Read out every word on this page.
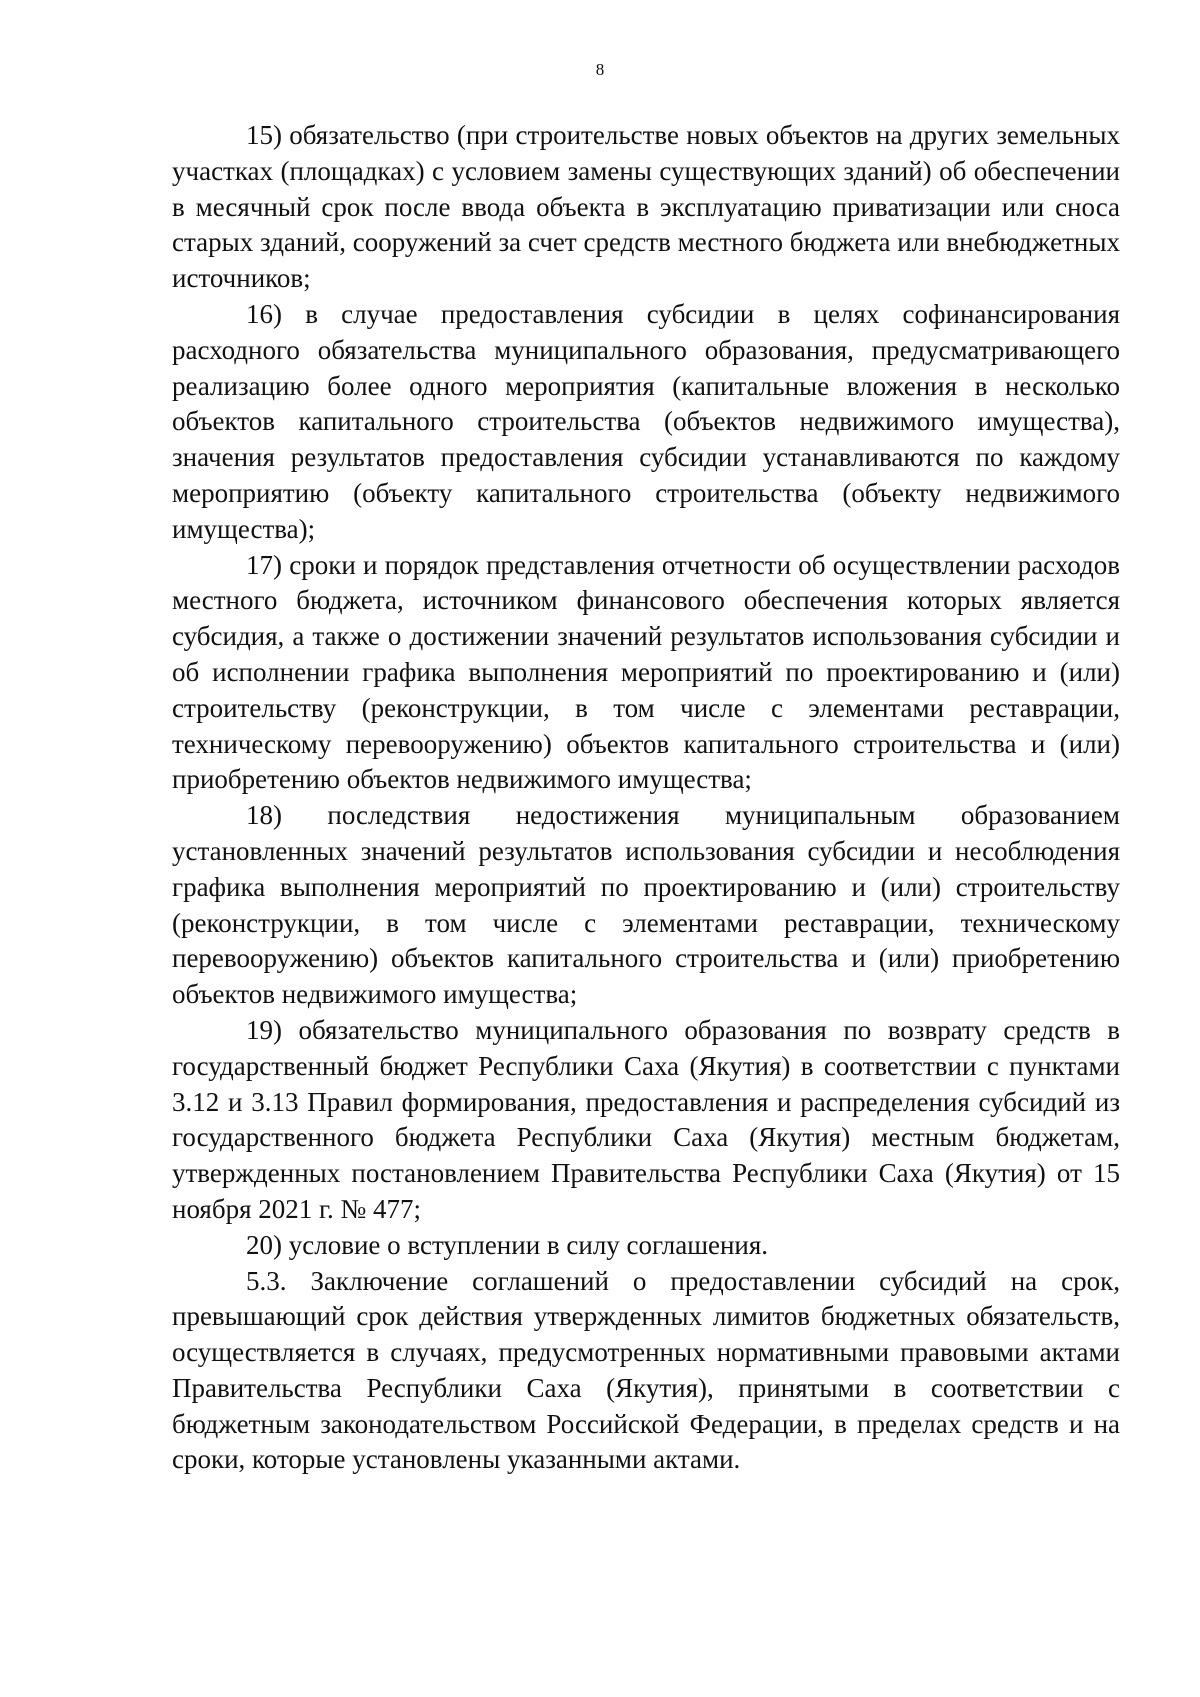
8

15) обязательство (при строительстве новых объектов на других земельных участках (площадках) с условием замены существующих зданий) об обеспечении в месячный срок после ввода объекта в эксплуатацию приватизации или сноса старых зданий, сооружений за счет средств местного бюджета или внебюджетных источников;

16) в случае предоставления субсидии в целях софинансирования расходного обязательства муниципального образования, предусматривающего реализацию более одного мероприятия (капитальные вложения в несколько объектов капитального строительства (объектов недвижимого имущества), значения результатов предоставления субсидии устанавливаются по каждому мероприятию (объекту капитального строительства (объекту недвижимого имущества);

17) сроки и порядок представления отчетности об осуществлении расходов местного бюджета, источником финансового обеспечения которых является субсидия, а также о достижении значений результатов использования субсидии и об исполнении графика выполнения мероприятий по проектированию и (или) строительству (реконструкции, в том числе с элементами реставрации, техническому перевооружению) объектов капитального строительства и (или) приобретению объектов недвижимого имущества;

18) последствия недостижения муниципальным образованием установленных значений результатов использования субсидии и несоблюдения графика выполнения мероприятий по проектированию и (или) строительству (реконструкции, в том числе с элементами реставрации, техническому перевооружению) объектов капитального строительства и (или) приобретению объектов недвижимого имущества;

19) обязательство муниципального образования по возврату средств в государственный бюджет Республики Саха (Якутия) в соответствии с пунктами 3.12 и 3.13 Правил формирования, предоставления и распределения субсидий из государственного бюджета Республики Саха (Якутия) местным бюджетам, утвержденных постановлением Правительства Республики Саха (Якутия) от 15 ноября 2021 г. № 477;

20) условие о вступлении в силу соглашения.

5.3. Заключение соглашений о предоставлении субсидий на срок, превышающий срок действия утвержденных лимитов бюджетных обязательств, осуществляется в случаях, предусмотренных нормативными правовыми актами Правительства Республики Саха (Якутия), принятыми в соответствии с бюджетным законодательством Российской Федерации, в пределах средств и на сроки, которые установлены указанными актами.
